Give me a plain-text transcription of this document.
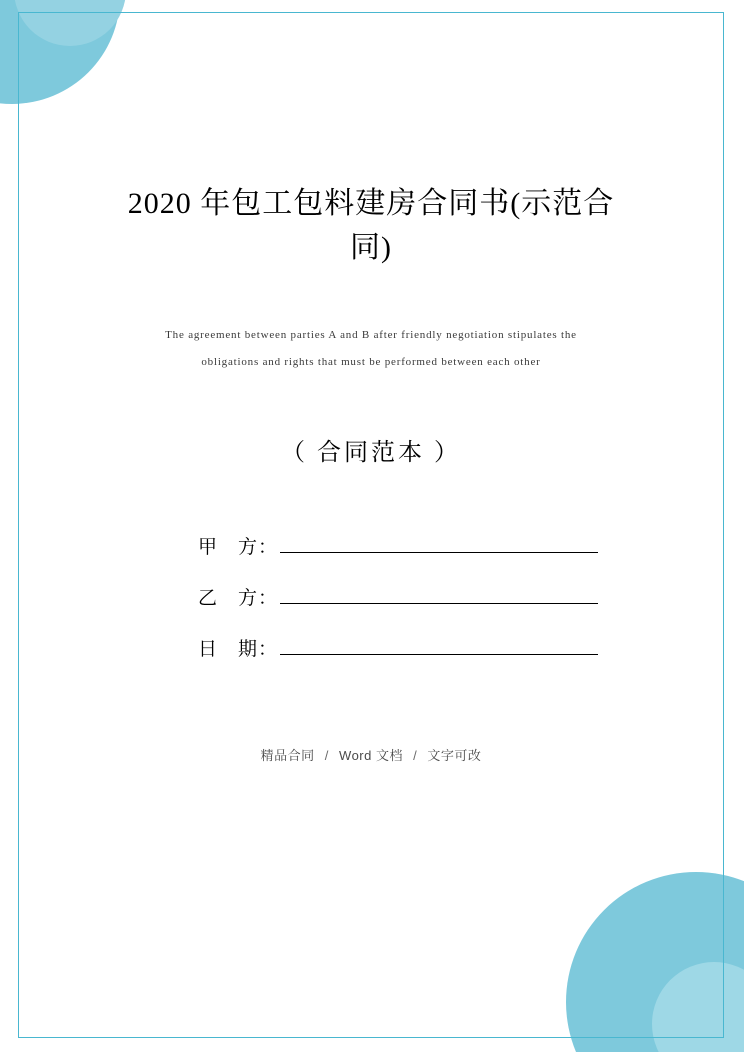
2020 年包工包料建房合同书(示范合同)
The agreement between parties A and B after friendly negotiation stipulates the
obligations and rights that must be performed between each other
（ 合同范本 ）
甲　方：
乙　方：
日　期：
精品合同 / Word 文档 / 文字可改
